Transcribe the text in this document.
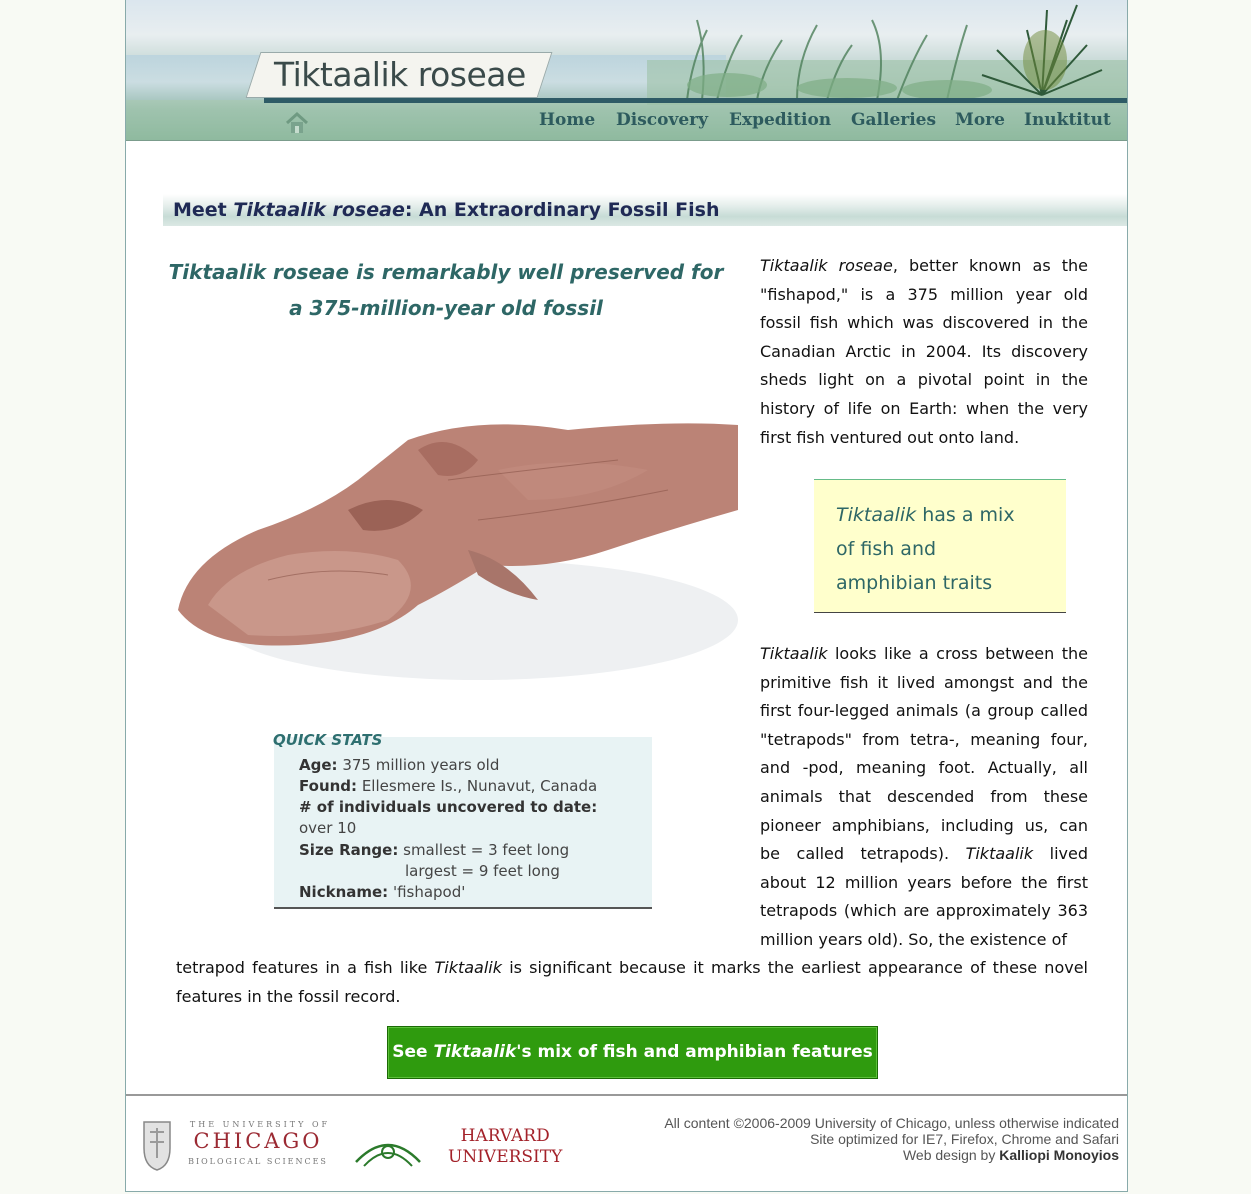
Tiktaalik roseae
Home Discovery Expedition Galleries More Inuktitut
Meet Tiktaalik roseae: An Extraordinary Fossil Fish
Tiktaalik roseae is remarkably well preserved for a 375-million-year old fossil
Age: 375 million years old
Found: Ellesmere Is., Nunavut, Canada
# of individuals uncovered to date:
over 10
Size Range: smallest = 3 feet long
largest = 9 feet long
Nickname: 'fishapod'
QUICK STATS
Tiktaalik roseae, better known as the "fishapod," is a 375 million year old fossil fish which was discovered in the Canadian Arctic in 2004. Its discovery sheds light on a pivotal point in the history of life on Earth: when the very first fish ventured out onto land.

Tiktaalik has a mix
of fish and
amphibian traits

Tiktaalik looks like a cross between the primitive fish it lived amongst and the first four-legged animals (a group called "tetrapods" from tetra-, meaning four, and -pod, meaning foot. Actually, all animals that descended from these pioneer amphibians, including us, can be called tetrapods). Tiktaalik lived about 12 million years before the first tetrapods (which are approximately 363 million years old). So, the existence of
tetrapod features in a fish like Tiktaalik is significant because it marks the earliest appearance of these novel features in the fossil record.
See Tiktaalik's mix of fish and amphibian features
THE UNIVERSITY OF
CHICAGO
BIOLOGICAL SCIENCES
HARVARD
UNIVERSITY
All content ©2006-2009 University of Chicago, unless otherwise indicated
Site optimized for IE7, Firefox, Chrome and Safari
Web design by Kalliopi Monoyios
